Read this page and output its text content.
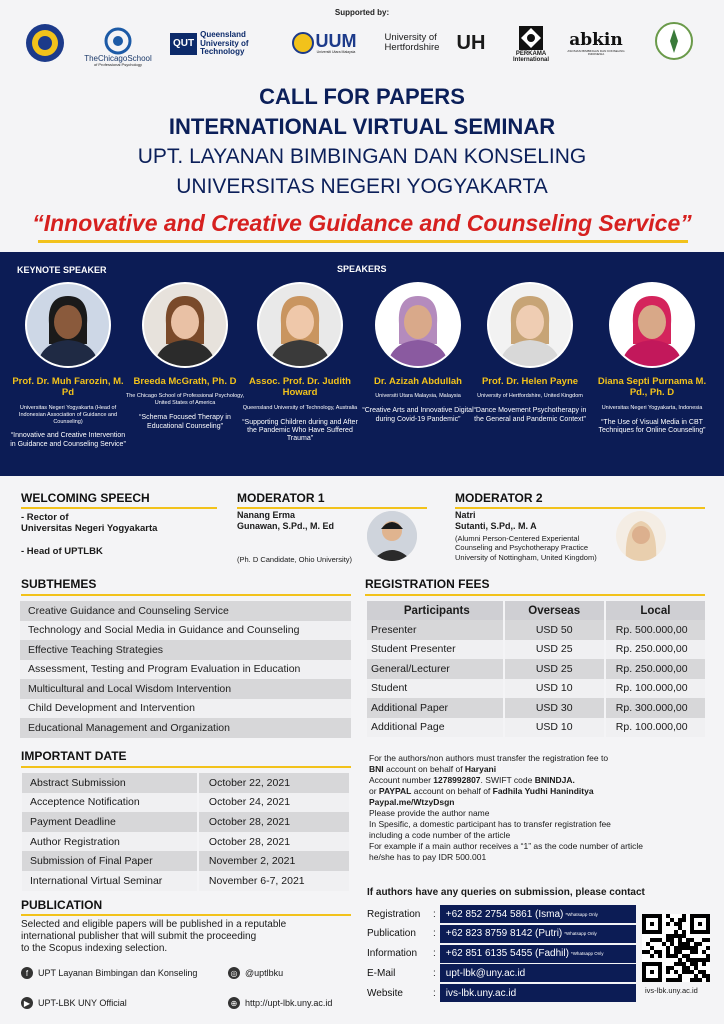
Supported by:
TheChicagoSchool
of Professional Psychology
QUT
Queensland University of Technology
UUM
Universiti Utara Malaysia
University of Hertfordshire UH
PERKAMA International
abkin
ASOSIASI BIMBINGAN DAN KONSELING INDONESIA
CALL FOR PAPERS
INTERNATIONAL VIRTUAL SEMINAR
UPT. LAYANAN BIMBINGAN DAN KONSELING
UNIVERSITAS NEGERI YOGYAKARTA
“Innovative and Creative Guidance and Counseling Service”
KEYNOTE SPEAKER	SPEAKERS
Prof. Dr. Muh Farozin, M. Pd
Universitas Negeri Yogyakarta (Head of Indonesian Association of Guidance and Counseling)
“Innovative and Creative Intervention in Guidance and Counseling Service”
Breeda McGrath, Ph. D
The Chicago School of Professional Psychology, United States of America
“Schema Focused Therapy in Educational Counseling”
Assoc. Prof. Dr. Judith Howard
Queensland University of Technology, Australia
“Supporting Children during and After the Pandemic Who Have Suffered Trauma”
Dr. Azizah Abdullah
Universiti Utara Malaysia, Malaysia
“Creative Arts and Innovative Digital during Covid-19 Pandemic”
Prof. Dr. Helen Payne
University of Hertfordshire, United Kingdom
“Dance Movement Psychotherapy in the General and Pandemic Context”
Diana Septi Purnama M. Pd., Ph. D
Universitas Negeri Yogyakarta, Indonesia
“The Use of Visual Media in CBT Techniques for Online Counseling”
WELCOMING SPEECH
- Rector of
Universitas Negeri Yogyakarta
- Head of UPTLBK
MODERATOR 1
Nanang Erma
Gunawan, S.Pd., M. Ed
(Ph. D Candidate, Ohio University)
MODERATOR 2
Natri
Sutanti, S.Pd,. M. A
(Alumni Person-Centered Experiental
Counseling and Psychotherapy Practice
University of Nottingham, United Kingdom)
SUBTHEMES
Creative Guidance and Counseling Service
Technology and Social Media in Guidance and Counseling
Effective Teaching Strategies
Assessment, Testing and Program Evaluation in Education
Multicultural and Local Wisdom Intervention
Child Development and Intervention
Educational Management and Organization
REGISTRATION FEES
Participants	Overseas	Local
Presenter	USD 50	Rp. 500.000,00
Student Presenter	USD 25	Rp. 250.000,00
General/Lecturer	USD 25	Rp. 250.000,00
Student	USD 10	Rp. 100.000,00
Additional Paper	USD 30	Rp. 300.000,00
Additional Page	USD 10	Rp. 100.000,00
For the authors/non authors must transfer the registration fee to
BNI account on behalf of Haryani
Account number 1278992807. SWIFT code BNINDJA.
or PAYPAL account on behalf of Fadhila Yudhi Hanindityа
Paypal.me/WtzyDsgn
Please provide the author name
In Spesific, a domestic participant has to transfer registration fee
including a code number of the article
For example if a main author receives a “1” as the code number of article
he/she has to pay IDR 500.001
IMPORTANT DATE
Abstract Submission	October 22, 2021
Acceptence Notification	October 24, 2021
Payment Deadline	October 28, 2021
Author Registration	October 28, 2021
Submission of Final Paper	November 2, 2021
International Virtual Seminar	November 6-7, 2021
PUBLICATION
Selected and eligible papers will be published in a reputable
international publisher that will submit the proceeding
to the Scopus indexing selection.
f	UPT Layanan Bimbingan dan Konseling	◎ @uptlbku
▶ UPT-LBK UNY Official	⊕ http://upt-lbk.uny.ac.id
If authors have any queries on submission, please contact
Registration	: +62 852 2754 5861 (Isma) *Whatsapp Only
Publication	: +62 823 8759 8142 (Putri) *Whatsapp Only
Information	: +62 851 6135 5455 (Fadhil) *Whatsapp Only
E-Mail	: upt-lbk@uny.ac.id
Website	: ivs-lbk.uny.ac.id	ivs-lbk.uny.ac.id
